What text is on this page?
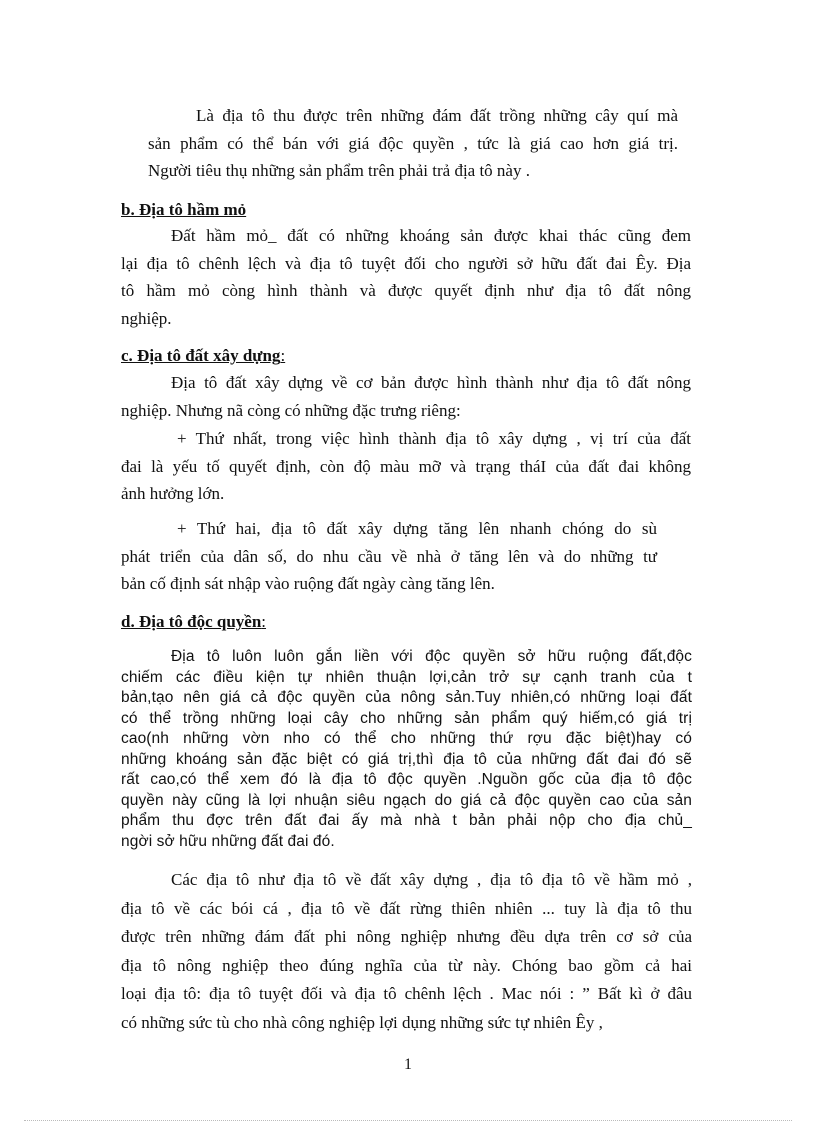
Là địa tô thu được trên những đám đất trồng những cây quí mà
sản phẩm có thể bán với giá độc quyền , tức là giá cao hơn giá trị.
Người tiêu thụ những sản phẩm trên phải trả địa tô này .
b. Địa tô hầm mỏ
Đất hầm mỏ_ đất có những khoáng sản được khai thác cũng đem
lại địa tô chênh lệch và địa tô tuyệt đối cho người sở hữu đất đai Êy. Địa
tô hầm mỏ còng hình thành và được quyết định như địa tô đất nông
nghiệp.
c. Địa tô đất xây dựng:
Địa tô đất xây dựng về cơ bản được hình thành như địa tô đất nông
nghiệp. Nhưng nã còng có những đặc trưng riêng:
+ Thứ nhất, trong việc hình thành địa tô xây dựng , vị trí của đất
đai là yếu tố quyết định, còn độ màu mỡ và trạng tháI của đất đai không
ảnh hưởng lớn.
+ Thứ hai, địa tô đất xây dựng tăng lên nhanh chóng do sù
phát triển của dân số, do nhu cầu về nhà ở tăng lên và do những tư
bản cố định sát nhập vào ruộng đất ngày càng tăng lên.
d. Địa tô độc quyền:
Địa tô luôn luôn gắn liền với độc quyền sở hữu ruộng đất,độc
chiếm các điều kiện tự nhiên thuận lợi,cản trở sự cạnh tranh của t
bản,tạo nên giá cả độc quyền của nông sản.Tuy nhiên,có những loại đất
có thể trồng những loại cây cho những sản phẩm quý hiếm,có giá trị
cao(nh những vờn nho có thể cho những thứ rợu đặc biệt)hay có
những khoáng sản đặc biệt có giá trị,thì địa tô của những đất đai đó sẽ
rất cao,có thể xem đó là địa tô độc quyền .Nguồn gốc của địa tô độc
quyền này cũng là lợi nhuận siêu ngạch do giá cả độc quyền cao của sản
phẩm thu đợc trên đất đai ấy mà nhà t bản phải nộp cho địa chủ_
ngời sở hữu những đất đai đó.
Các địa tô như địa tô về đất xây dựng , địa tô địa tô về hầm mỏ ,
địa tô về các bói cá , địa tô về đất rừng thiên nhiên ... tuy là địa tô thu
được trên những đám đất phi nông nghiệp nhưng đều dựa trên cơ sở của
địa tô nông nghiệp theo đúng nghĩa của từ này. Chóng bao gồm cả hai
loại địa tô: địa tô tuyệt đối và địa tô chênh lệch . Mac nói : ” Bất kì ở đâu
có những sức tù cho nhà công nghiệp lợi dụng những sức tự nhiên Êy ,
1
